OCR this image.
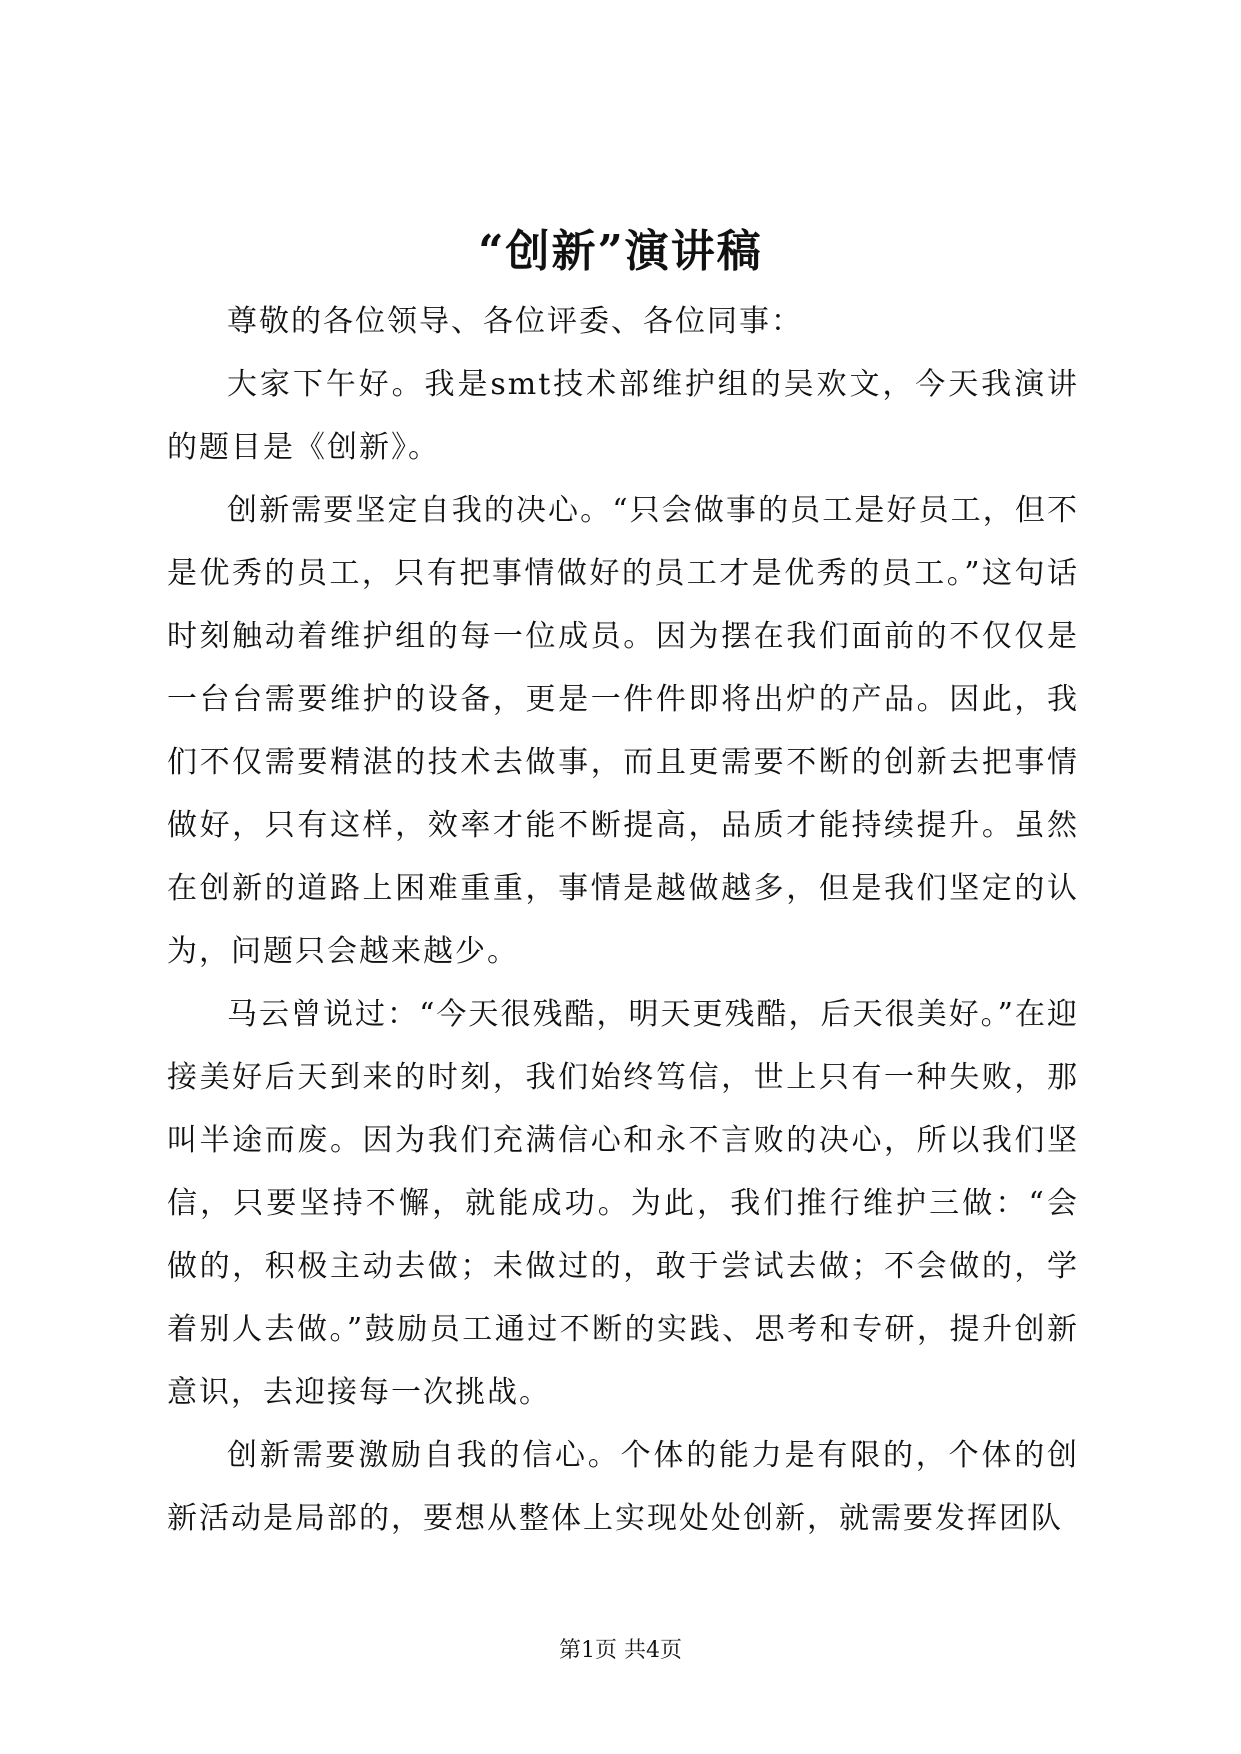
“创新”演讲稿

尊敬的各位领导、各位评委、各位同事：

大家下午好。我是smt技术部维护组的吴欢文，今天我演讲的题目是《创新》。

创新需要坚定自我的决心。“只会做事的员工是好员工，但不是优秀的员工，只有把事情做好的员工才是优秀的员工。”这句话时刻触动着维护组的每一位成员。因为摆在我们面前的不仅仅是一台台需要维护的设备，更是一件件即将出炉的产品。因此，我们不仅需要精湛的技术去做事，而且更需要不断的创新去把事情做好，只有这样，效率才能不断提高，品质才能持续提升。虽然在创新的道路上困难重重，事情是越做越多，但是我们坚定的认为，问题只会越来越少。

马云曾说过：“今天很残酷，明天更残酷，后天很美好。”在迎接美好后天到来的时刻，我们始终笃信，世上只有一种失败，那叫半途而废。因为我们充满信心和永不言败的决心，所以我们坚信，只要坚持不懈，就能成功。为此，我们推行维护三做：“会做的，积极主动去做；未做过的，敢于尝试去做；不会做的，学着别人去做。”鼓励员工通过不断的实践、思考和专研，提升创新意识，去迎接每一次挑战。

创新需要激励自我的信心。个体的能力是有限的，个体的创新活动是局部的，要想从整体上实现处处创新，就需要发挥团队

第1页 共4页
